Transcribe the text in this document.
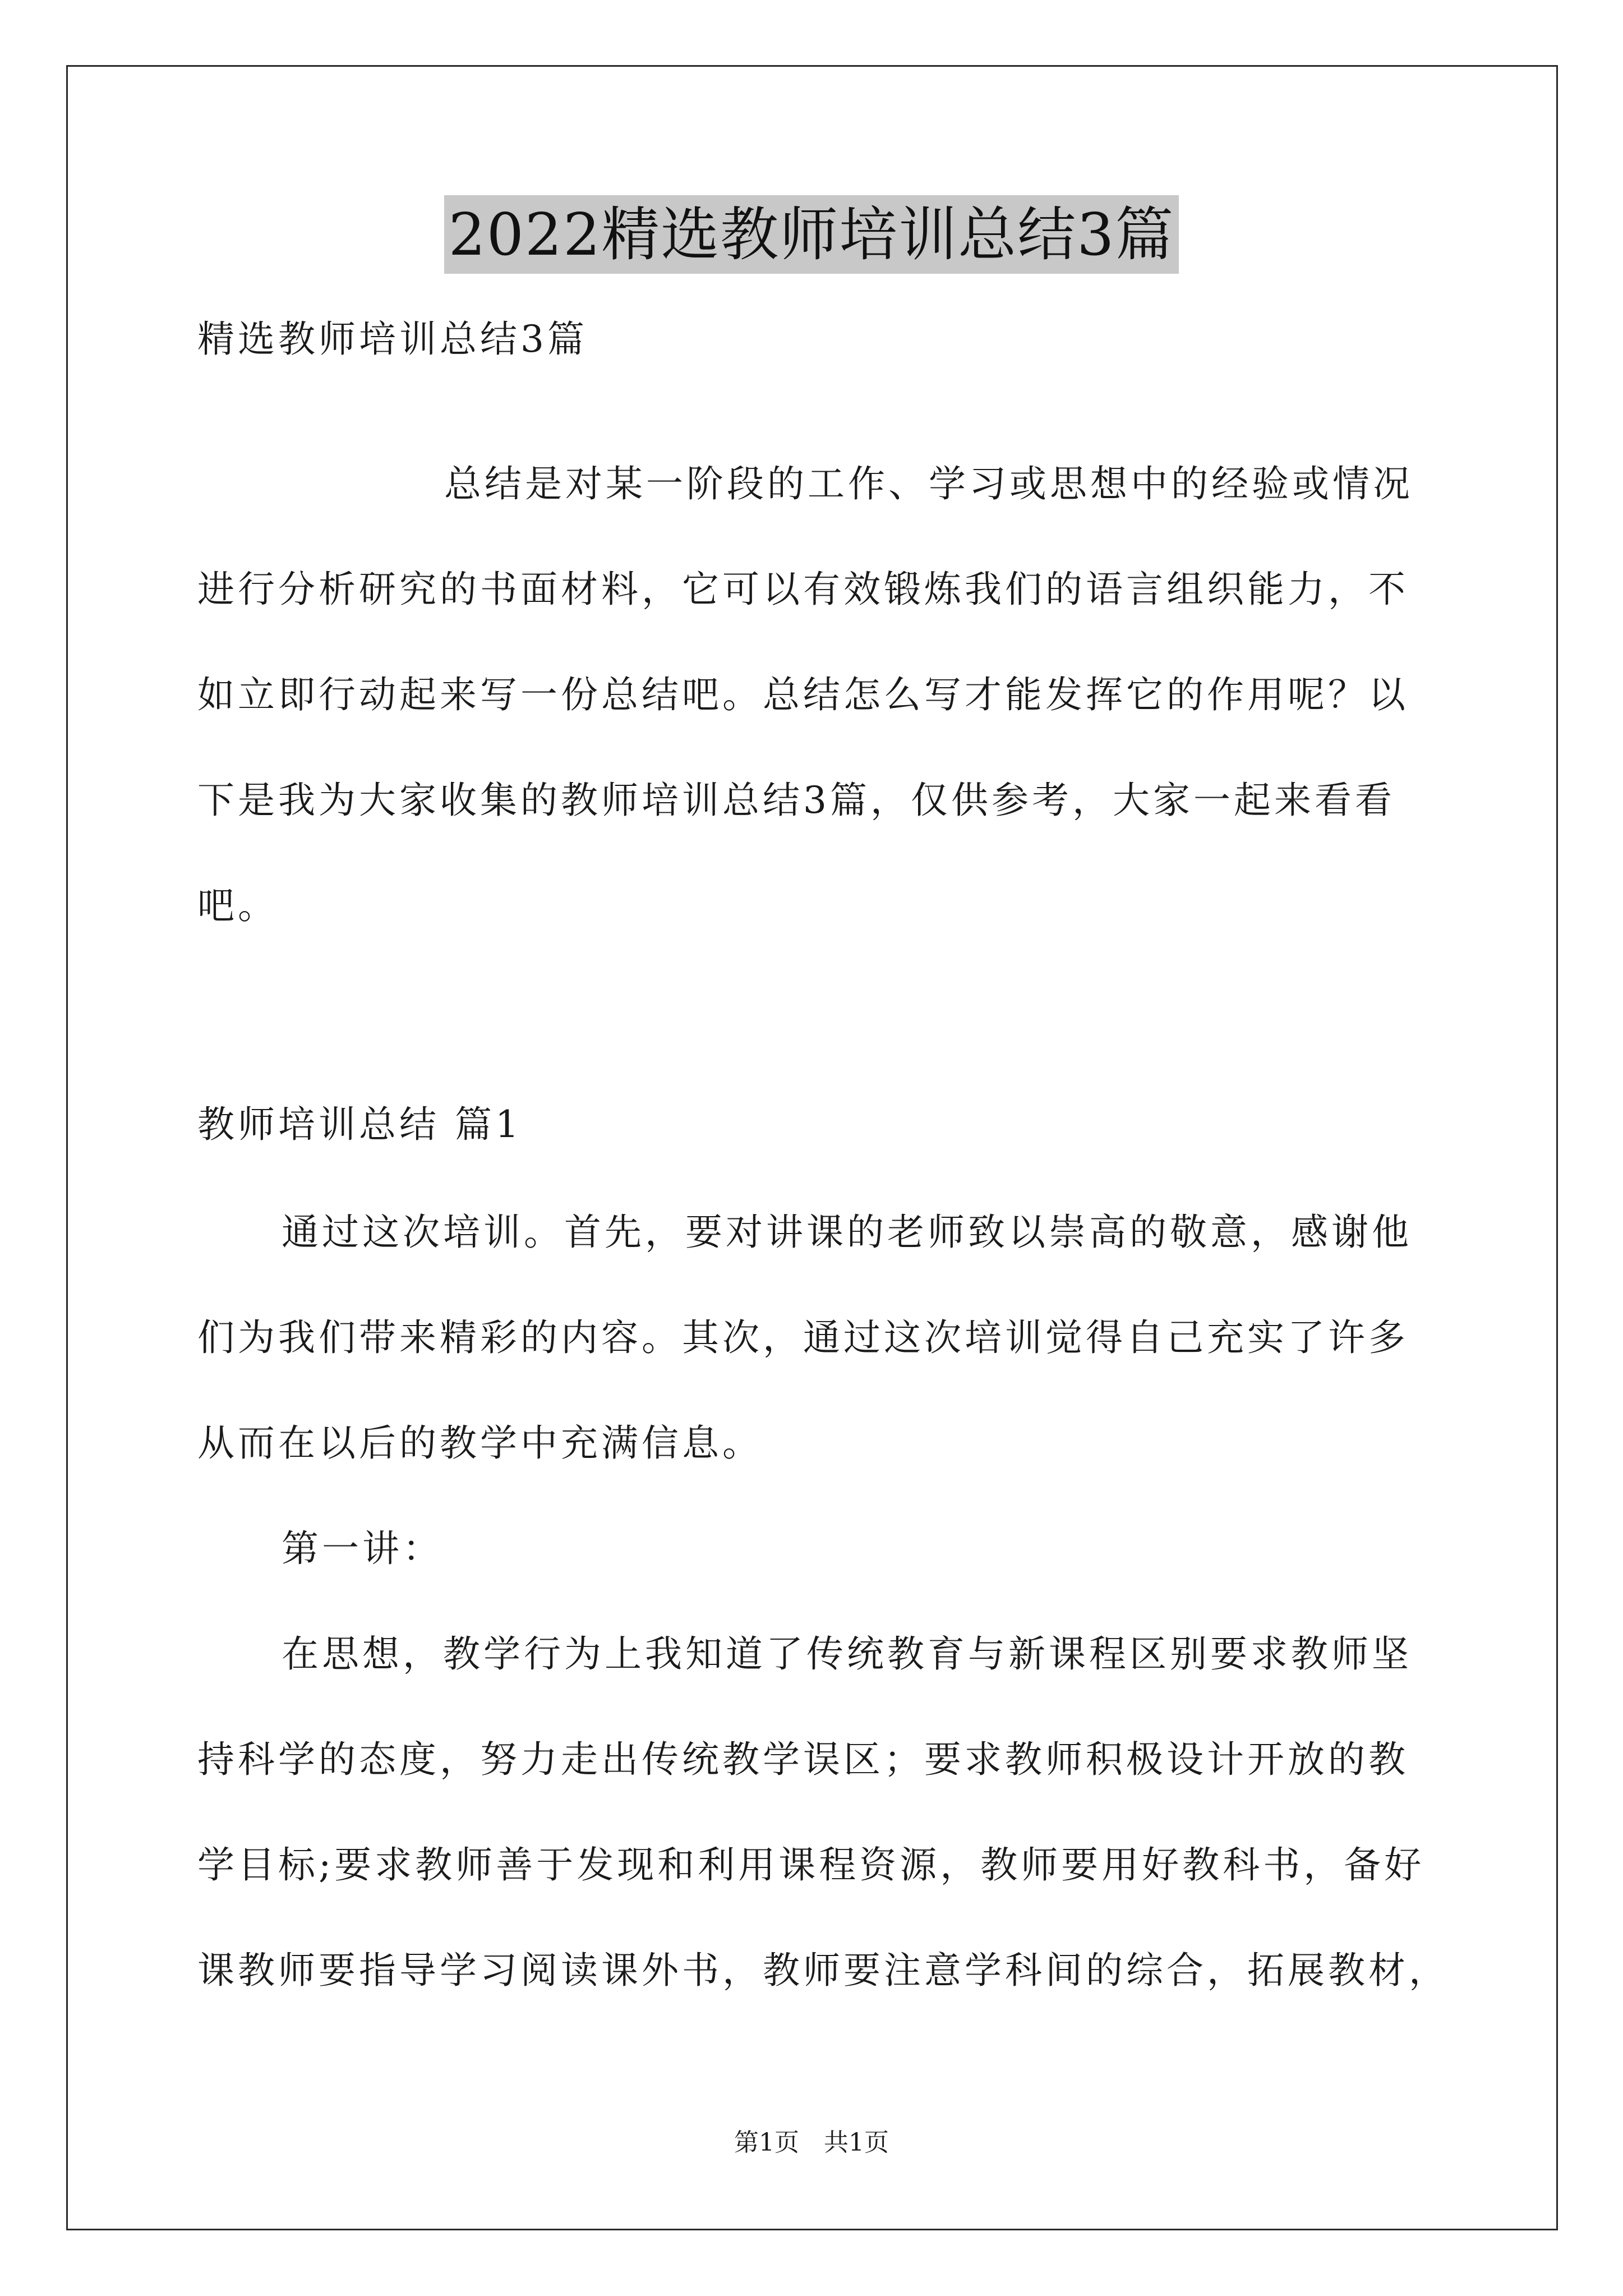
2022精选教师培训总结3篇
精选教师培训总结3篇
总结是对某一阶段的工作、学习或思想中的经验或情况
进行分析研究的书面材料，它可以有效锻炼我们的语言组织能力，不
如立即行动起来写一份总结吧。总结怎么写才能发挥它的作用呢？以
下是我为大家收集的教师培训总结3篇，仅供参考，大家一起来看看
吧。
教师培训总结 篇1
通过这次培训。首先，要对讲课的老师致以崇高的敬意，感谢他
们为我们带来精彩的内容。其次，通过这次培训觉得自己充实了许多
从而在以后的教学中充满信息。
第一讲：
在思想，教学行为上我知道了传统教育与新课程区别要求教师坚
持科学的态度，努力走出传统教学误区；要求教师积极设计开放的教
学目标;要求教师善于发现和利用课程资源，教师要用好教科书，备好
课教师要指导学习阅读课外书，教师要注意学科间的综合，拓展教材，
第1页　共1页
